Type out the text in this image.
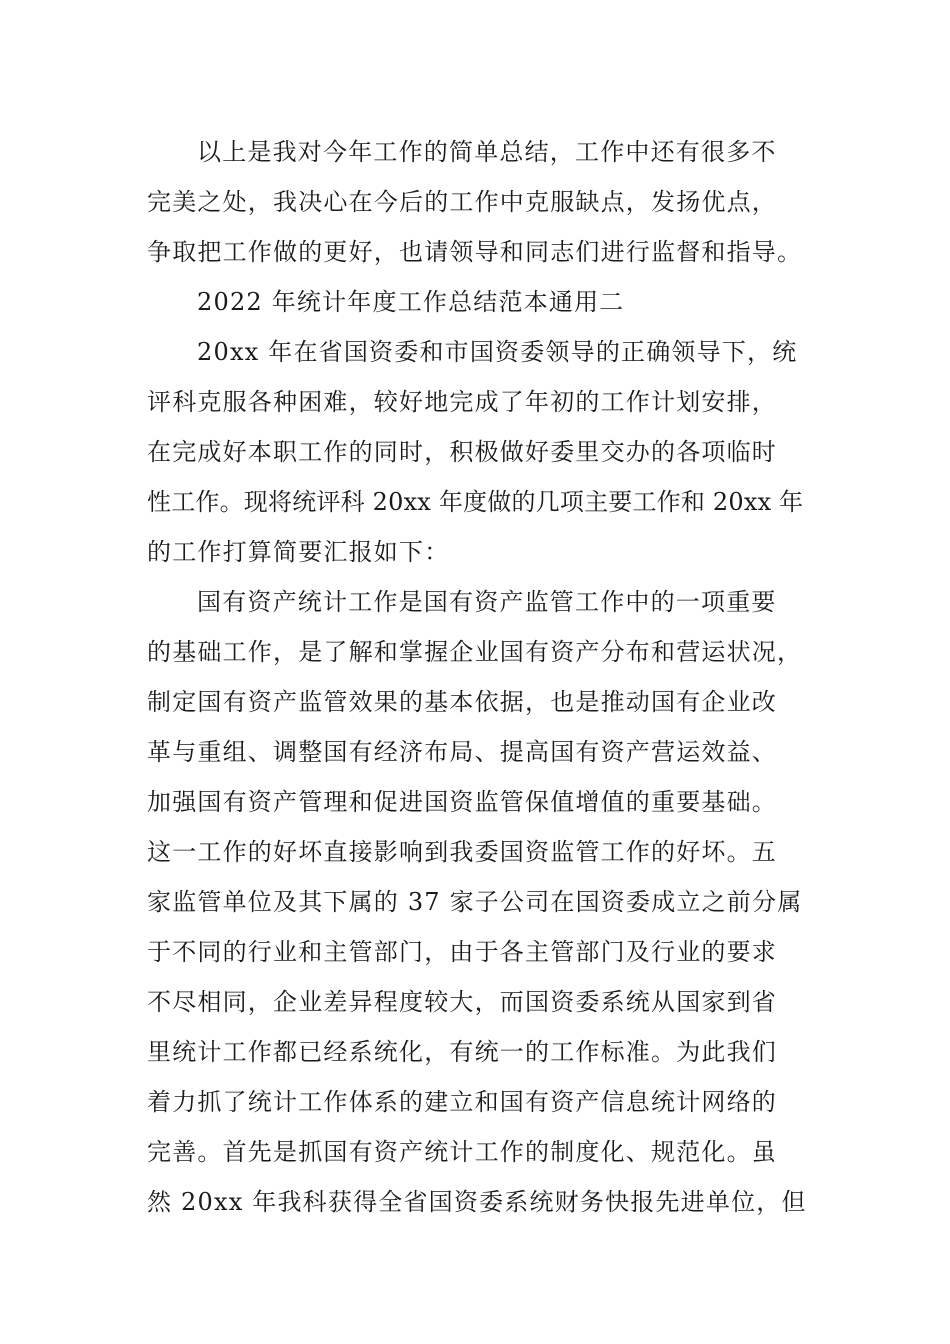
以上是我对今年工作的简单总结，工作中还有很多不
完美之处，我决心在今后的工作中克服缺点，发扬优点，
争取把工作做的更好，也请领导和同志们进行监督和指导。
2022 年统计年度工作总结范本通用二
20xx 年在省国资委和市国资委领导的正确领导下，统
评科克服各种困难，较好地完成了年初的工作计划安排，
在完成好本职工作的同时，积极做好委里交办的各项临时
性工作。现将统评科 20xx 年度做的几项主要工作和 20xx 年
的工作打算简要汇报如下：
国有资产统计工作是国有资产监管工作中的一项重要
的基础工作，是了解和掌握企业国有资产分布和营运状况，
制定国有资产监管效果的基本依据，也是推动国有企业改
革与重组、调整国有经济布局、提高国有资产营运效益、
加强国有资产管理和促进国资监管保值增值的重要基础。
这一工作的好坏直接影响到我委国资监管工作的好坏。五
家监管单位及其下属的 37 家子公司在国资委成立之前分属
于不同的行业和主管部门，由于各主管部门及行业的要求
不尽相同，企业差异程度较大，而国资委系统从国家到省
里统计工作都已经系统化，有统一的工作标准。为此我们
着力抓了统计工作体系的建立和国有资产信息统计网络的
完善。首先是抓国有资产统计工作的制度化、规范化。虽
然 20xx 年我科获得全省国资委系统财务快报先进单位，但
